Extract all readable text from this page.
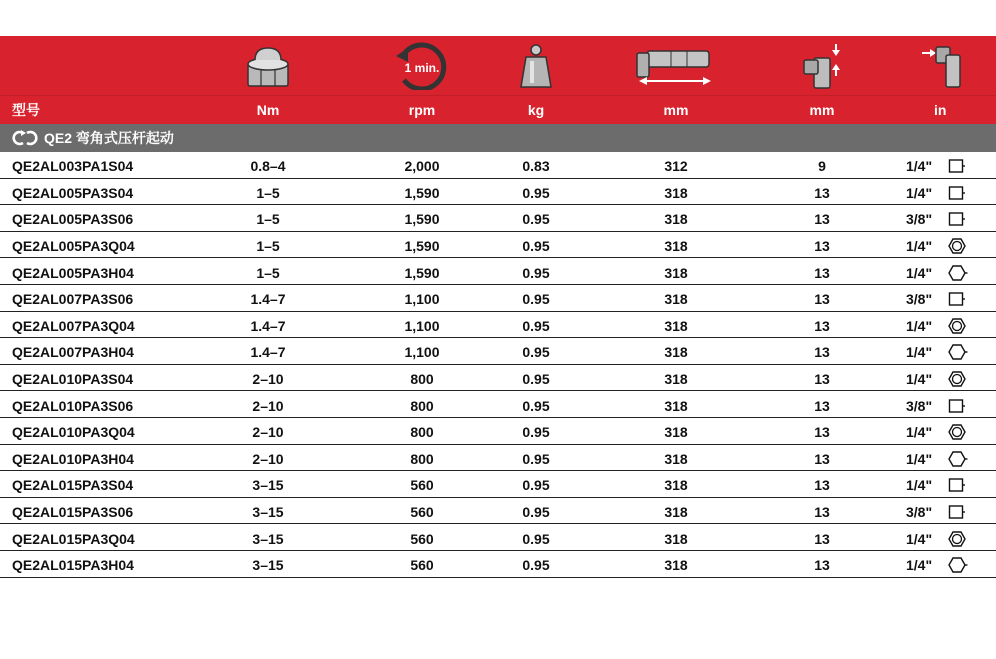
1 min.
型号	Nm	rpm	kg	mm	mm	in
QE2 弯角式压杆起动
QE2AL003PA1S04	0.8–4	2,000	0.83	312	9	1/4"
QE2AL005PA3S04	1–5	1,590	0.95	318	13	1/4"
QE2AL005PA3S06	1–5	1,590	0.95	318	13	3/8"
QE2AL005PA3Q04	1–5	1,590	0.95	318	13	1/4"
QE2AL005PA3H04	1–5	1,590	0.95	318	13	1/4"
QE2AL007PA3S06	1.4–7	1,100	0.95	318	13	3/8"
QE2AL007PA3Q04	1.4–7	1,100	0.95	318	13	1/4"
QE2AL007PA3H04	1.4–7	1,100	0.95	318	13	1/4"
QE2AL010PA3S04	2–10	800	0.95	318	13	1/4"
QE2AL010PA3S06	2–10	800	0.95	318	13	3/8"
QE2AL010PA3Q04	2–10	800	0.95	318	13	1/4"
QE2AL010PA3H04	2–10	800	0.95	318	13	1/4"
QE2AL015PA3S04	3–15	560	0.95	318	13	1/4"
QE2AL015PA3S06	3–15	560	0.95	318	13	3/8"
QE2AL015PA3Q04	3–15	560	0.95	318	13	1/4"
QE2AL015PA3H04	3–15	560	0.95	318	13	1/4"
